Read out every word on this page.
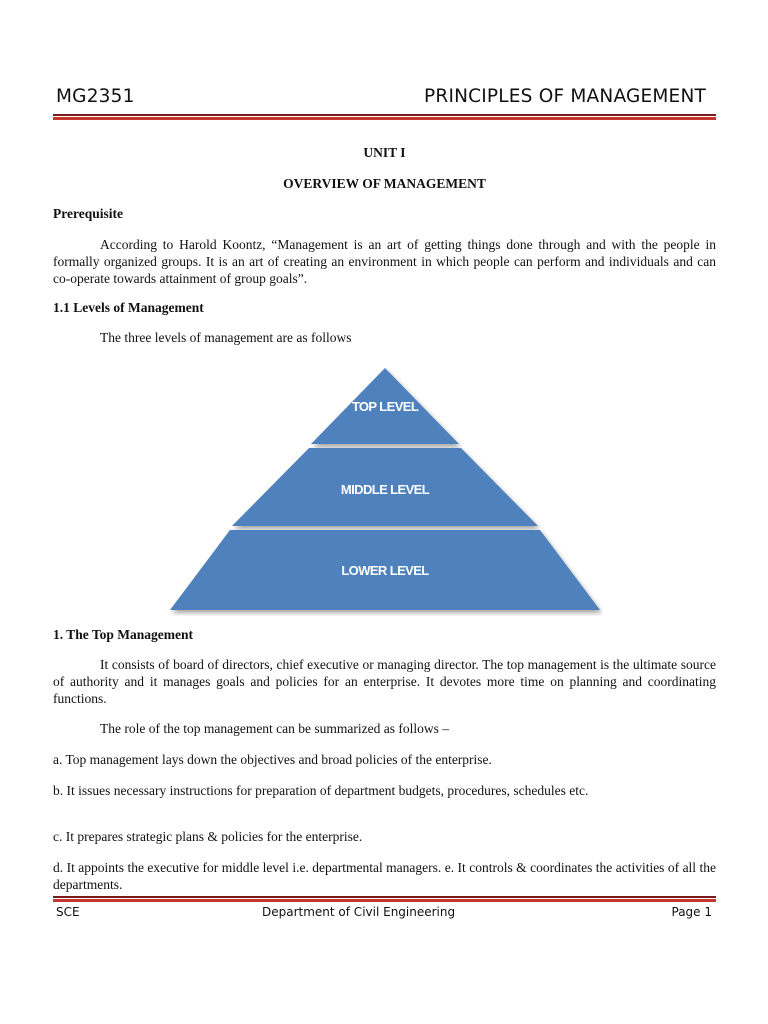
MG2351	PRINCIPLES OF MANAGEMENT
UNIT I
OVERVIEW OF MANAGEMENT
Prerequisite
According to Harold Koontz, “Management is an art of getting things done through and with the people in formally organized groups. It is an art of creating an environment in which people can perform and individuals and can co-operate towards attainment of group goals”.
1.1 Levels of Management
The three levels of management are as follows
TOP LEVEL
MIDDLE LEVEL
LOWER LEVEL
1. The Top Management
It consists of board of directors, chief executive or managing director. The top management is the ultimate source of authority and it manages goals and policies for an enterprise. It devotes more time on planning and coordinating functions.
The role of the top management can be summarized as follows –
a. Top management lays down the objectives and broad policies of the enterprise.
b. It issues necessary instructions for preparation of department budgets, procedures, schedules etc.
c. It prepares strategic plans & policies for the enterprise.
d. It appoints the executive for middle level i.e. departmental managers. e. It controls & coordinates the activities of all the departments.
SCE	Department of Civil Engineering	Page 1
